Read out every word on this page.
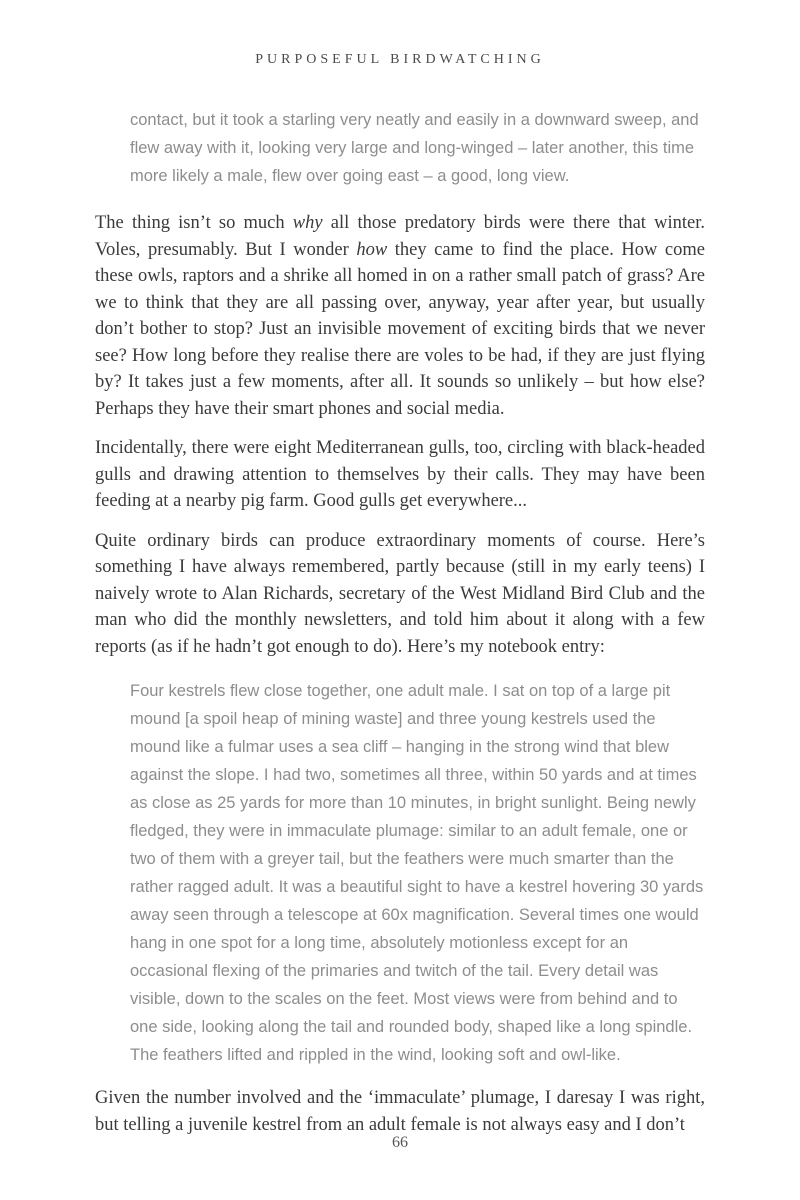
PURPOSEFUL BIRDWATCHING
contact, but it took a starling very neatly and easily in a downward sweep, and flew away with it, looking very large and long-winged – later another, this time more likely a male, flew over going east – a good, long view.

The thing isn’t so much why all those predatory birds were there that winter. Voles, presumably. But I wonder how they came to find the place. How come these owls, raptors and a shrike all homed in on a rather small patch of grass? Are we to think that they are all passing over, anyway, year after year, but usually don’t bother to stop? Just an invisible movement of exciting birds that we never see? How long before they realise there are voles to be had, if they are just flying by? It takes just a few moments, after all. It sounds so unlikely – but how else? Perhaps they have their smart phones and social media.

Incidentally, there were eight Mediterranean gulls, too, circling with black-headed gulls and drawing attention to themselves by their calls. They may have been feeding at a nearby pig farm. Good gulls get everywhere...

Quite ordinary birds can produce extraordinary moments of course. Here’s something I have always remembered, partly because (still in my early teens) I naively wrote to Alan Richards, secretary of the West Midland Bird Club and the man who did the monthly newsletters, and told him about it along with a few reports (as if he hadn’t got enough to do). Here’s my notebook entry:

Four kestrels flew close together, one adult male. I sat on top of a large pit mound [a spoil heap of mining waste] and three young kestrels used the mound like a fulmar uses a sea cliff – hanging in the strong wind that blew against the slope. I had two, sometimes all three, within 50 yards and at times as close as 25 yards for more than 10 minutes, in bright sunlight. Being newly fledged, they were in immaculate plumage: similar to an adult female, one or two of them with a greyer tail, but the feathers were much smarter than the rather ragged adult. It was a beautiful sight to have a kestrel hovering 30 yards away seen through a telescope at 60x magnification. Several times one would hang in one spot for a long time, absolutely motionless except for an occasional flexing of the primaries and twitch of the tail. Every detail was visible, down to the scales on the feet. Most views were from behind and to one side, looking along the tail and rounded body, shaped like a long spindle. The feathers lifted and rippled in the wind, looking soft and owl-like.

Given the number involved and the ‘immaculate’ plumage, I daresay I was right, but telling a juvenile kestrel from an adult female is not always easy and I don’t

66
